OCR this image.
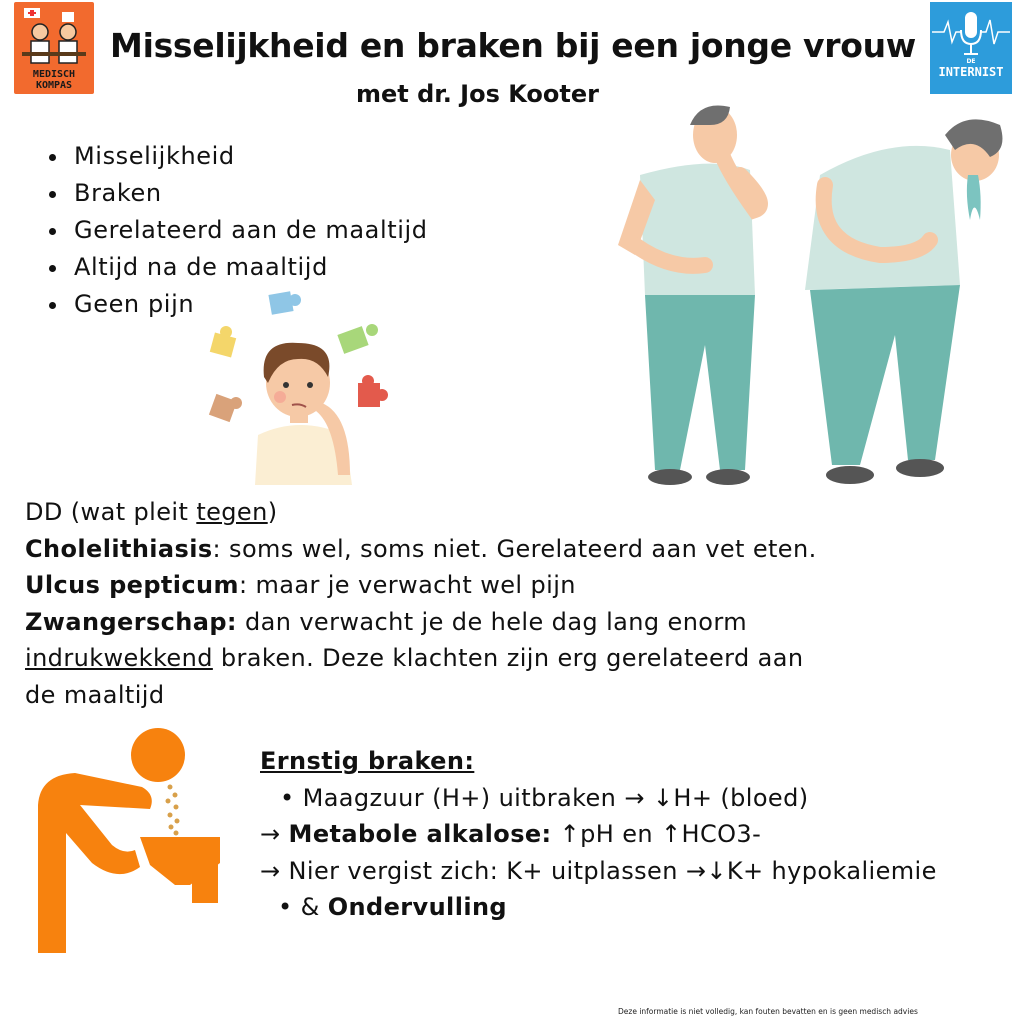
MEDISCH
KOMPAS
DE
INTERNIST
Misselijkheid en braken bij een jonge vrouw
met dr. Jos Kooter
• Misselijkheid
• Braken
• Gerelateerd aan de maaltijd
• Altijd na de maaltijd
• Geen pijn
DD (wat pleit tegen)
Cholelithiasis: soms wel, soms niet. Gerelateerd aan vet eten.
Ulcus pepticum: maar je verwacht wel pijn
Zwangerschap: dan verwacht je de hele dag lang enorm
indrukwekkend braken. Deze klachten zijn erg gerelateerd aan
de maaltijd
Ernstig braken:
• Maagzuur (H+) uitbraken → ↓H+ (bloed)
→ Metabole alkalose: ↑pH en ↑HCO3-
→ Nier vergist zich: K+ uitplassen →↓K+ hypokaliemie
• & Ondervulling
Deze informatie is niet volledig, kan fouten bevatten en is geen medisch advies
